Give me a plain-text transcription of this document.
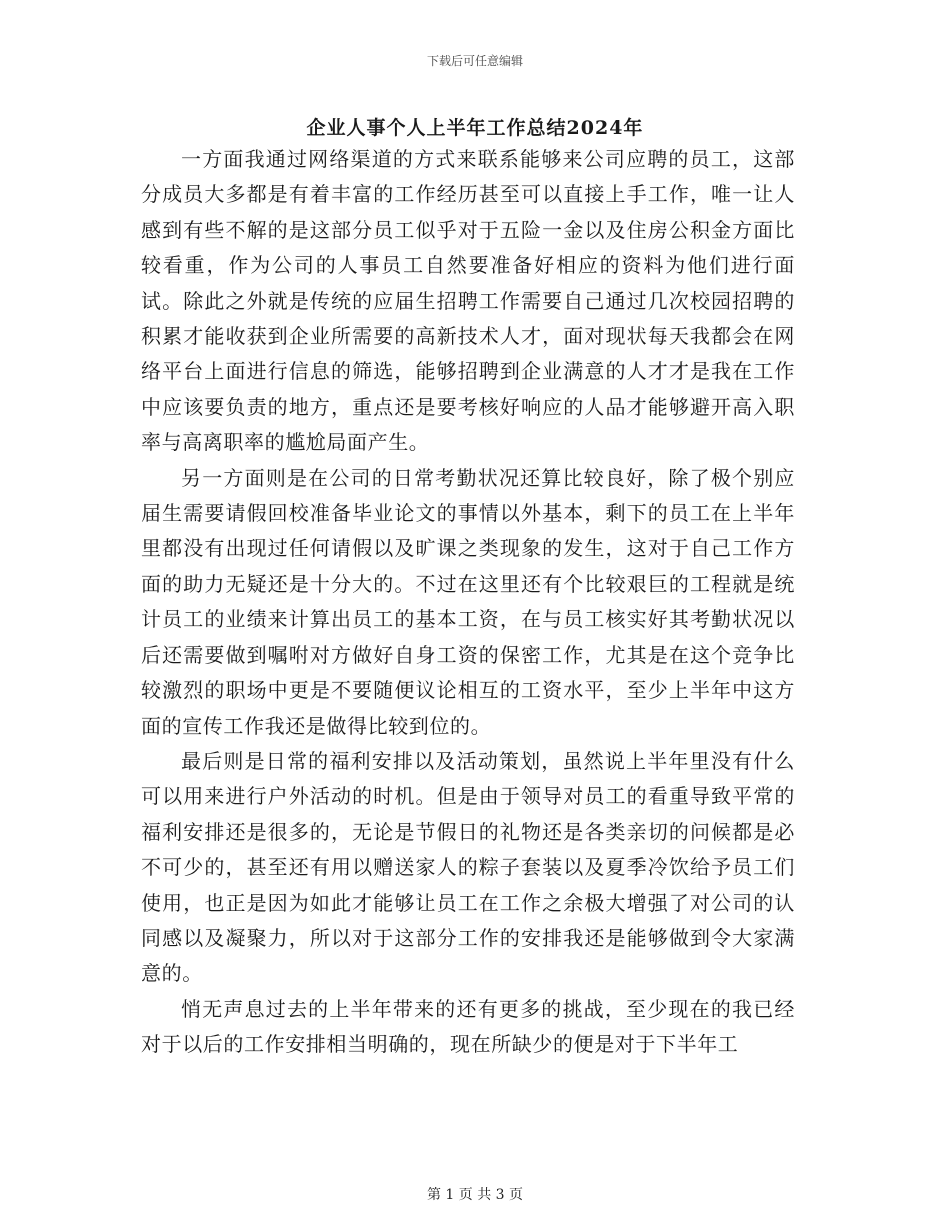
下载后可任意编辑
企业人事个人上半年工作总结2024年

一方面我通过网络渠道的方式来联系能够来公司应聘的员工，这部分成员大多都是有着丰富的工作经历甚至可以直接上手工作，唯一让人感到有些不解的是这部分员工似乎对于五险一金以及住房公积金方面比较看重，作为公司的人事员工自然要准备好相应的资料为他们进行面试。除此之外就是传统的应届生招聘工作需要自己通过几次校园招聘的积累才能收获到企业所需要的高新技术人才，面对现状每天我都会在网络平台上面进行信息的筛选，能够招聘到企业满意的人才才是我在工作中应该要负责的地方，重点还是要考核好响应的人品才能够避开高入职率与高离职率的尴尬局面产生。

另一方面则是在公司的日常考勤状况还算比较良好，除了极个别应届生需要请假回校准备毕业论文的事情以外基本，剩下的员工在上半年里都没有出现过任何请假以及旷课之类现象的发生，这对于自己工作方面的助力无疑还是十分大的。不过在这里还有个比较艰巨的工程就是统计员工的业绩来计算出员工的基本工资，在与员工核实好其考勤状况以后还需要做到嘱咐对方做好自身工资的保密工作，尤其是在这个竞争比较激烈的职场中更是不要随便议论相互的工资水平，至少上半年中这方面的宣传工作我还是做得比较到位的。

最后则是日常的福利安排以及活动策划，虽然说上半年里没有什么可以用来进行户外活动的时机。但是由于领导对员工的看重导致平常的福利安排还是很多的，无论是节假日的礼物还是各类亲切的问候都是必不可少的，甚至还有用以赠送家人的粽子套装以及夏季冷饮给予员工们使用，也正是因为如此才能够让员工在工作之余极大增强了对公司的认同感以及凝聚力，所以对于这部分工作的安排我还是能够做到令大家满意的。

悄无声息过去的上半年带来的还有更多的挑战，至少现在的我已经对于以后的工作安排相当明确的，现在所缺少的便是对于下半年工

第 1 页 共 3 页
